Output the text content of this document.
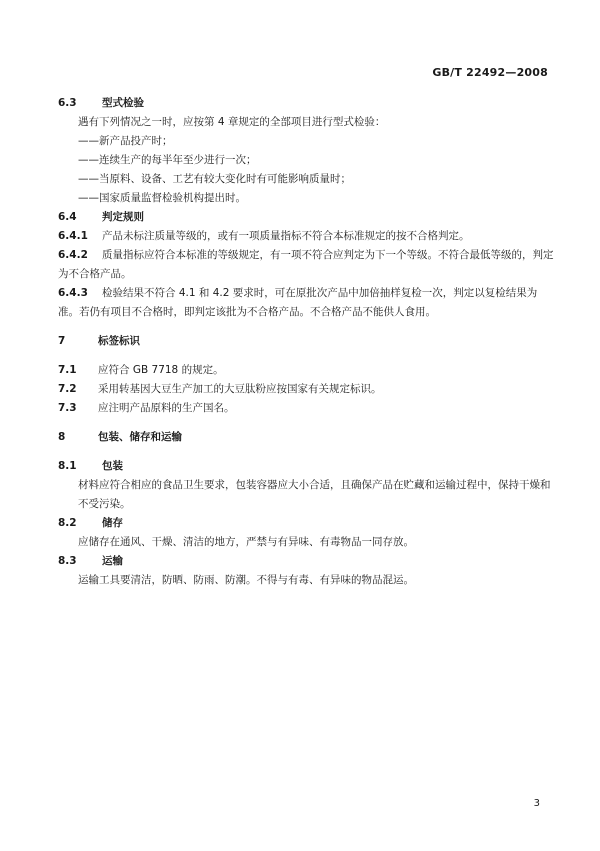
GB/T 22492—2008
6.3 型式检验
遇有下列情况之一时，应按第 4 章规定的全部项目进行型式检验：
——新产品投产时；
——连续生产的每半年至少进行一次；
——当原料、设备、工艺有较大变化时有可能影响质量时；
——国家质量监督检验机构提出时。
6.4 判定规则
6.4.1 产品未标注质量等级的，或有一项质量指标不符合本标准规定的按不合格判定。
6.4.2 质量指标应符合本标准的等级规定，有一项不符合应判定为下一个等级。不符合最低等级的，判定为不合格产品。
6.4.3 检验结果不符合 4.1 和 4.2 要求时，可在原批次产品中加倍抽样复检一次，判定以复检结果为准。若仍有项目不合格时，即判定该批为不合格产品。不合格产品不能供人食用。
7	标签标识
7.1 应符合 GB 7718 的规定。
7.2 采用转基因大豆生产加工的大豆肽粉应按国家有关规定标识。
7.3 应注明产品原料的生产国名。
8	包装、储存和运输
8.1 包装
材料应符合相应的食品卫生要求，包装容器应大小合适，且确保产品在贮藏和运输过程中，保持干燥和不受污染。
8.2 储存
应储存在通风、干燥、清洁的地方，严禁与有异味、有毒物品一同存放。
8.3 运输
运输工具要清洁，防晒、防雨、防潮。不得与有毒、有异味的物品混运。
3
